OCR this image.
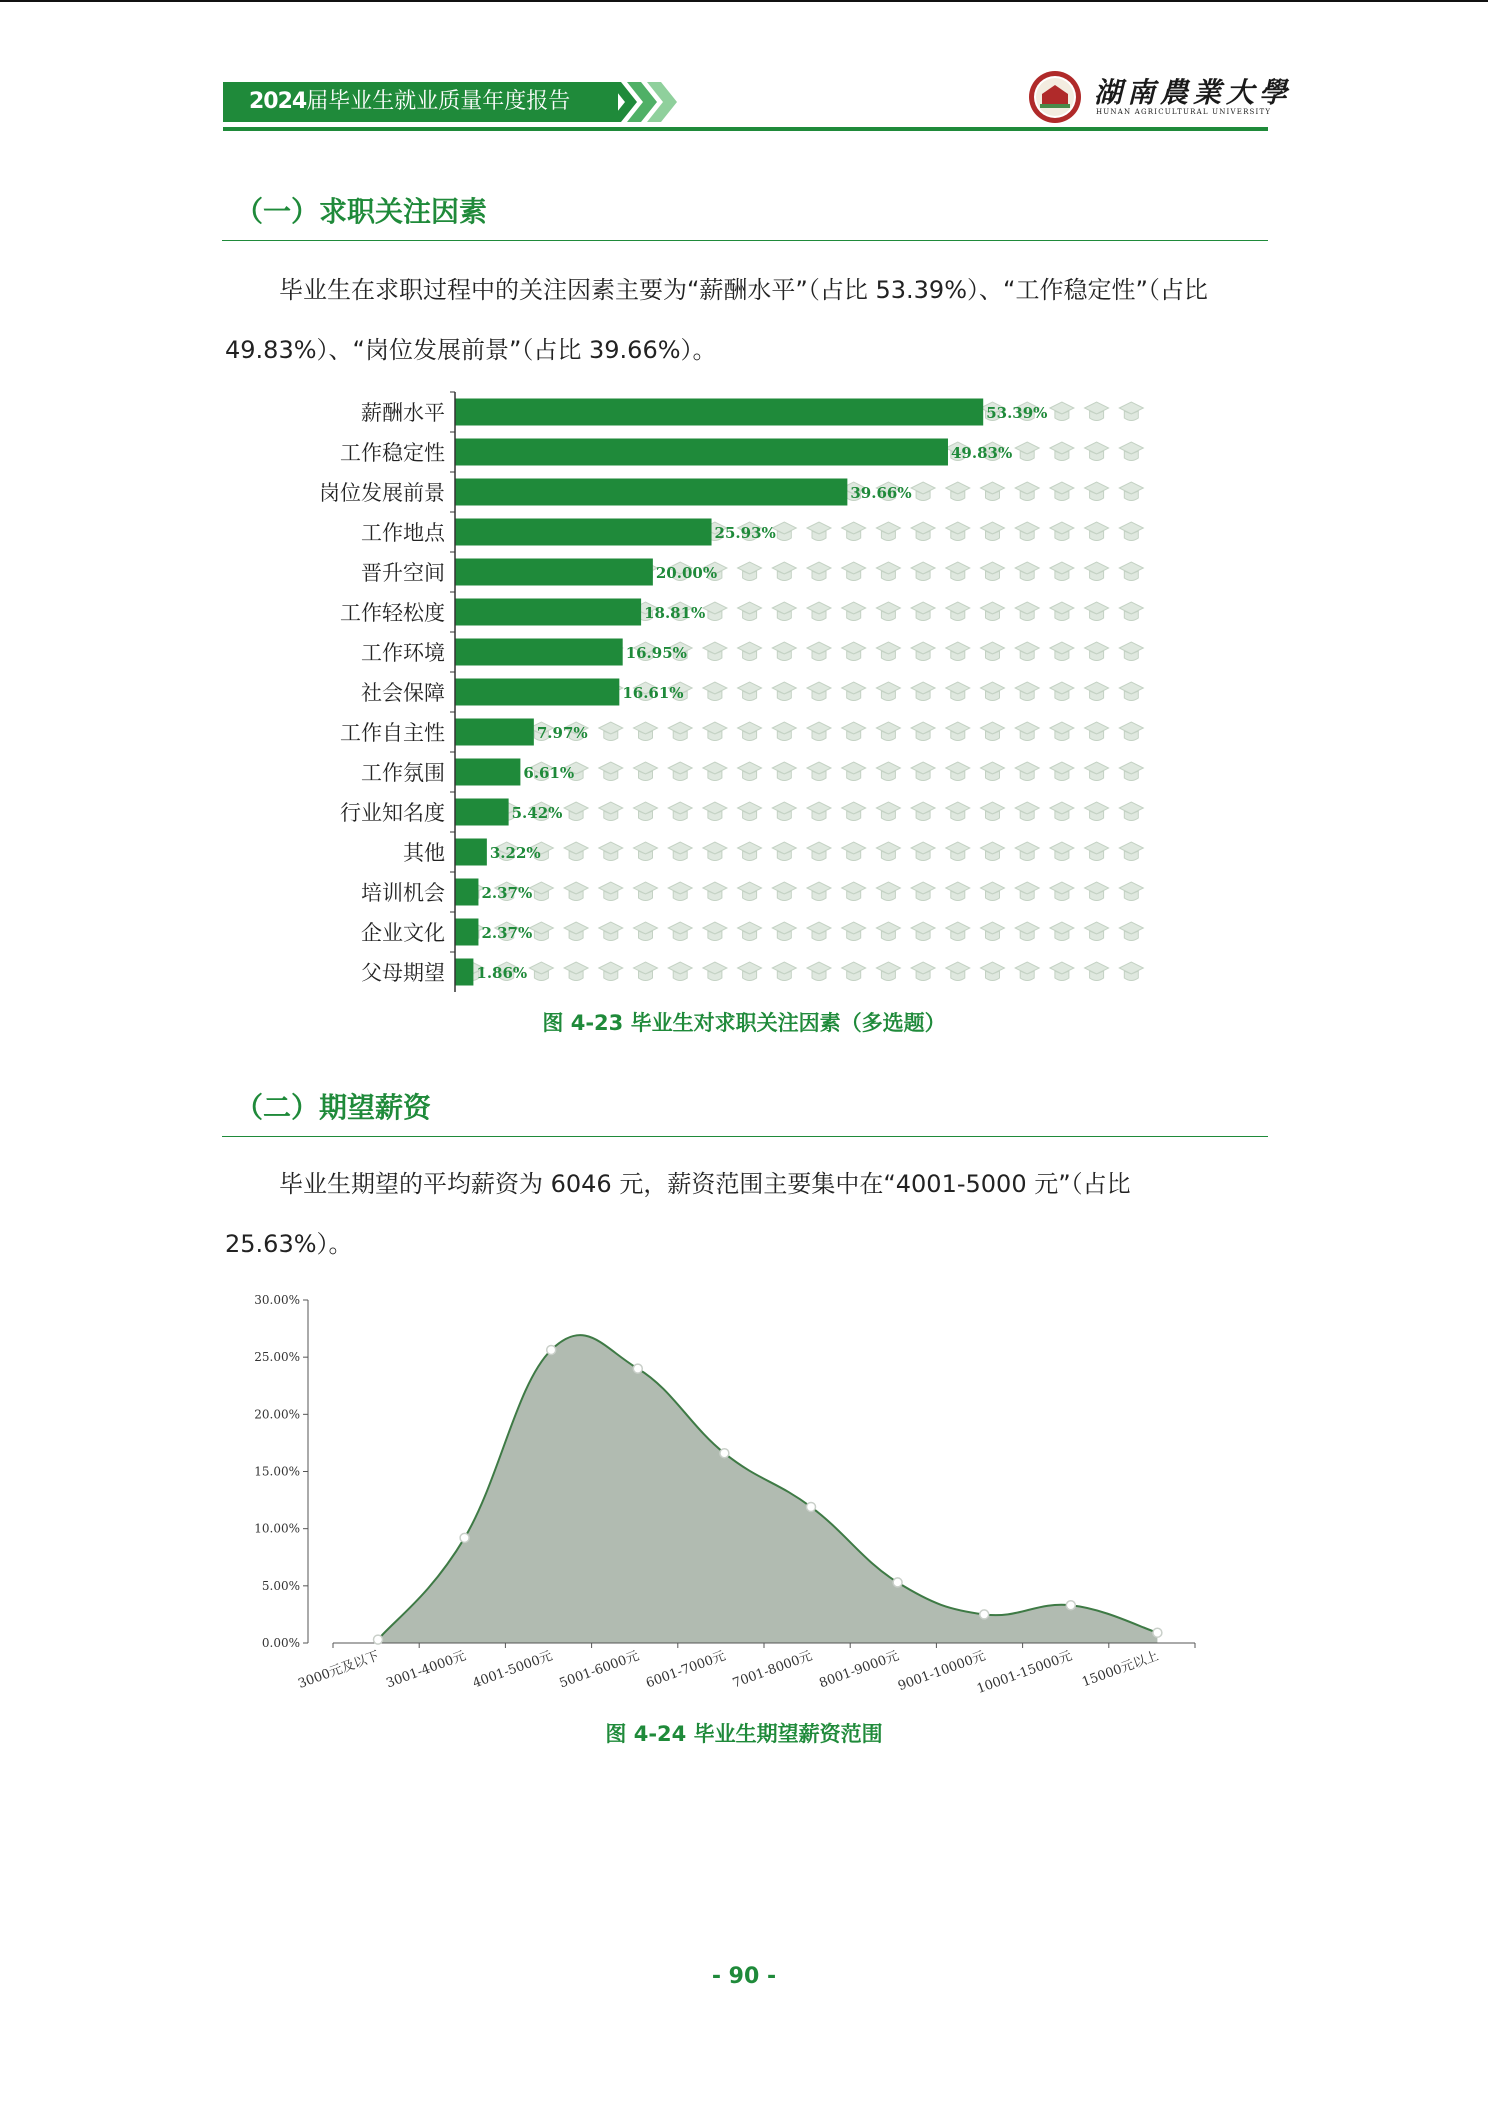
2024届毕业生就业质量年度报告	湖南農業大學
HUNAN AGRICULTURAL UNIVERSITY
（一）求职关注因素

毕业生在求职过程中的关注因素主要为“薪酬水平”（占比 53.39%）、“工作稳定性”（占比 49.83%）、“岗位发展前景”（占比 39.66%）。

薪酬水平	53.39%
工作稳定性	49.83%
岗位发展前景	39.66%
工作地点	25.93%
晋升空间	20.00%
工作轻松度	18.81%
工作环境	16.95%
社会保障	16.61%
工作自主性	7.97%
工作氛围	6.61%
行业知名度	5.42%
其他	3.22%
培训机会 2.37%
企业文化 2.37%
父母期望 1.86%
图 4-23 毕业生对求职关注因素（多选题）
（二）期望薪资

毕业生期望的平均薪资为 6046 元，薪资范围主要集中在“4001-5000 元”（占比 25.63%）。

0.00%
5.00%
10.00%
15.00%
20.00%
25.00%
30.00%
3000元及以下 3001-4000元 4001-5000元 5001-6000元 6001-7000元 7001-8000元 8001-9000元
9001-10000元
10001-15000元 15000元以上
图 4-24 毕业生期望薪资范围
- 90 -
